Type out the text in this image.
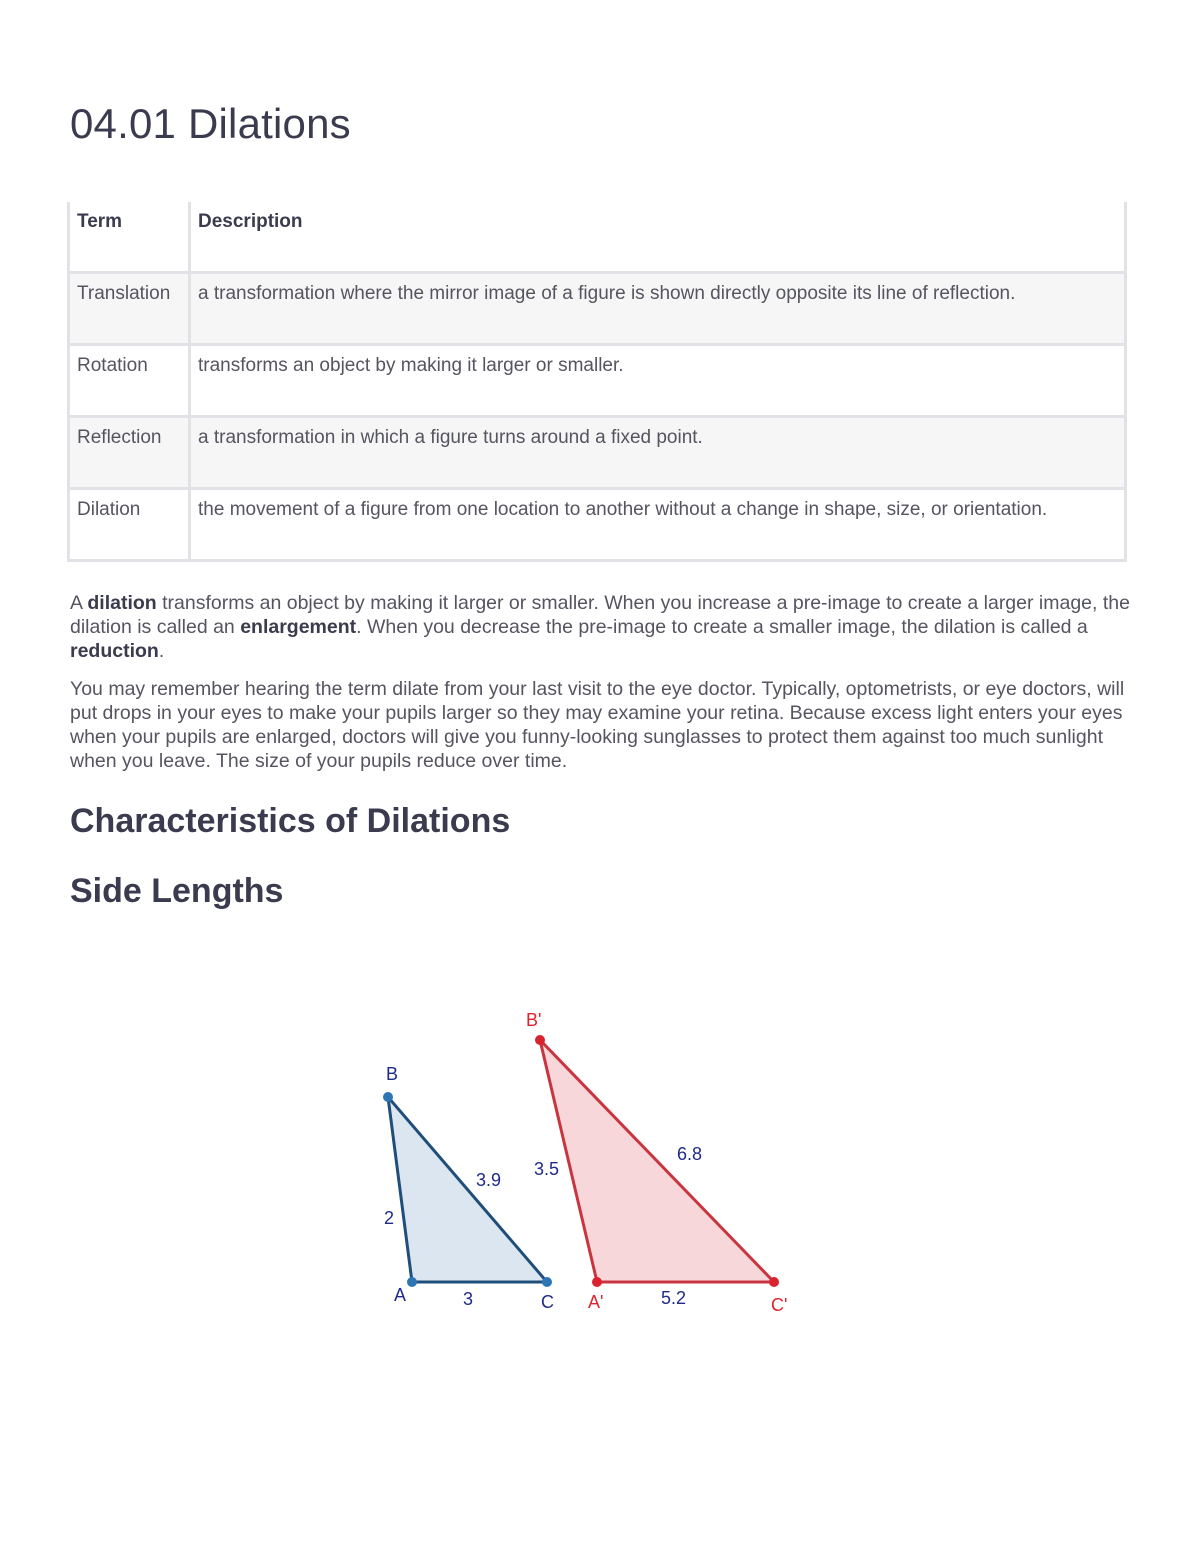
04.01 Dilations
Term	Description
Translation	a transformation where the mirror image of a figure is shown directly opposite its line of reflection.
Rotation	transforms an object by making it larger or smaller.
Reflection	a transformation in which a figure turns around a fixed point.
Dilation	the movement of a figure from one location to another without a change in shape, size, or orientation.

A dilation transforms an object by making it larger or smaller. When you increase a pre-image to create a larger image, the dilation is called an enlargement. When you decrease the pre-image to create a smaller image, the dilation is called a reduction.

You may remember hearing the term dilate from your last visit to the eye doctor. Typically, optometrists, or eye doctors, will put drops in your eyes to make your pupils larger so they may examine your retina. Because excess light enters your eyes when your pupils are enlarged, doctors will give you funny-looking sunglasses to protect them against too much sunlight when you leave. The size of your pupils reduce over time.

Characteristics of Dilations
Side Lengths
B
A	C
2
3.9
3
B'
A'	C'
3.5
6.8
5.2
